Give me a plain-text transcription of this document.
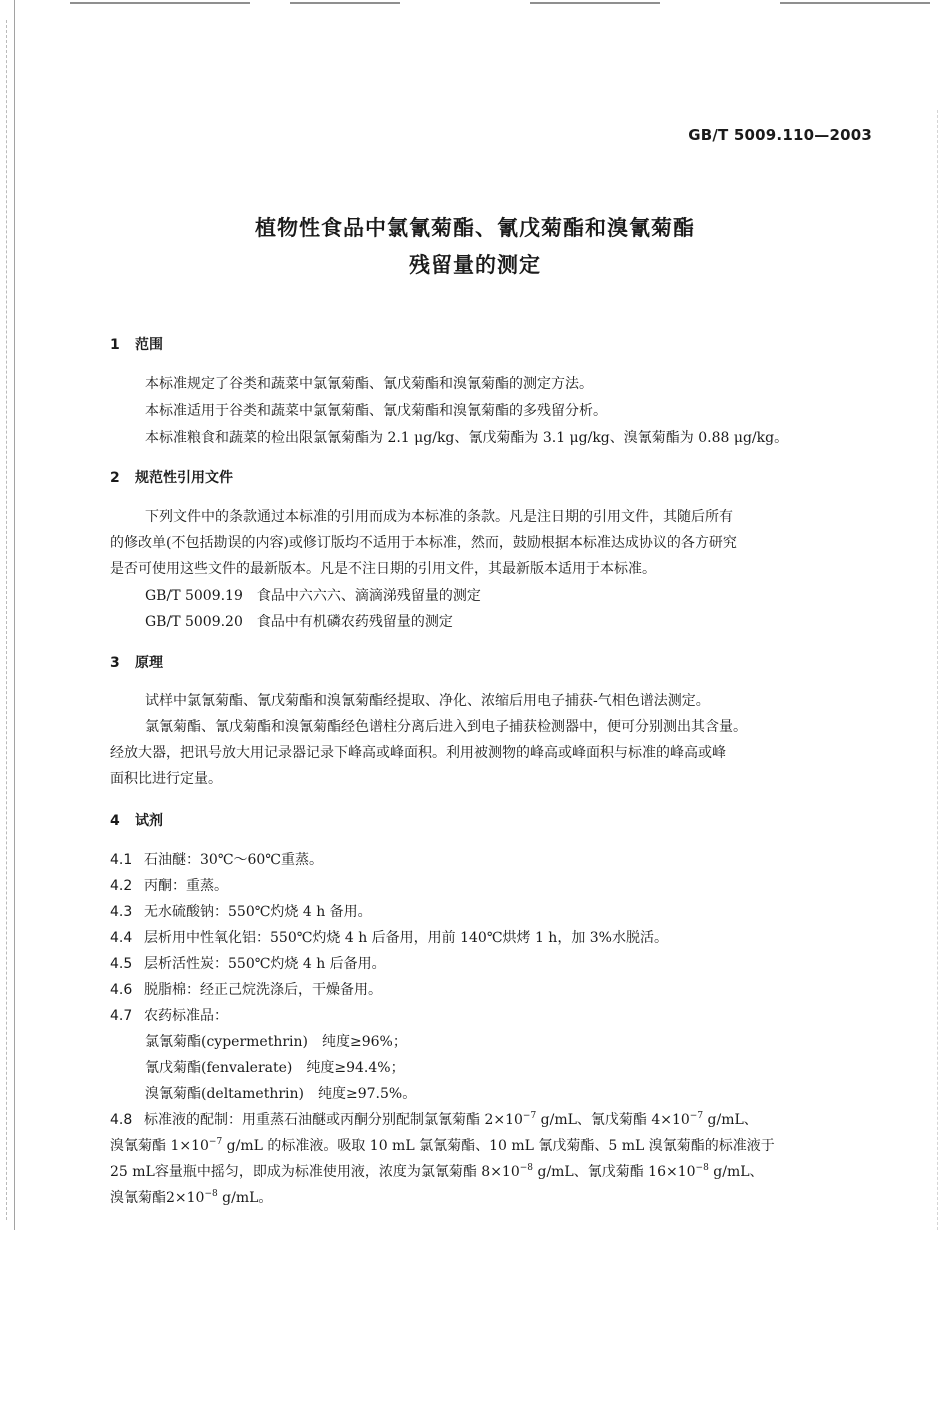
GB/T 5009.110—2003
植物性食品中氯氰菊酯、氰戊菊酯和溴氰菊酯
残留量的测定
1 范围
本标准规定了谷类和蔬菜中氯氰菊酯、氰戊菊酯和溴氰菊酯的测定方法。
本标准适用于谷类和蔬菜中氯氰菊酯、氰戊菊酯和溴氰菊酯的多残留分析。
本标准粮食和蔬菜的检出限氯氰菊酯为 2.1 μg/kg、氰戊菊酯为 3.1 μg/kg、溴氰菊酯为 0.88 μg/kg。
2 规范性引用文件
下列文件中的条款通过本标准的引用而成为本标准的条款。凡是注日期的引用文件，其随后所有
的修改单(不包括勘误的内容)或修订版均不适用于本标准，然而，鼓励根据本标准达成协议的各方研究
是否可使用这些文件的最新版本。凡是不注日期的引用文件，其最新版本适用于本标准。
GB/T 5009.19　食品中六六六、滴滴涕残留量的测定
GB/T 5009.20　食品中有机磷农药残留量的测定
3 原理
试样中氯氰菊酯、氰戊菊酯和溴氰菊酯经提取、净化、浓缩后用电子捕获-气相色谱法测定。
氯氰菊酯、氰戊菊酯和溴氰菊酯经色谱柱分离后进入到电子捕获检测器中，便可分别测出其含量。
经放大器，把讯号放大用记录器记录下峰高或峰面积。利用被测物的峰高或峰面积与标准的峰高或峰
面积比进行定量。
4 试剂
4.1 石油醚：30℃～60℃重蒸。
4.2 丙酮：重蒸。
4.3 无水硫酸钠：550℃灼烧 4 h 备用。
4.4 层析用中性氧化铝：550℃灼烧 4 h 后备用，用前 140℃烘烤 1 h，加 3%水脱活。
4.5 层析活性炭：550℃灼烧 4 h 后备用。
4.6 脱脂棉：经正己烷洗涤后，干燥备用。
4.7 农药标准品：
氯氰菊酯(cypermethrin)　纯度≥96%；
氰戊菊酯(fenvalerate)　纯度≥94.4%；
溴氰菊酯(deltamethrin)　纯度≥97.5%。
4.8 标准液的配制：用重蒸石油醚或丙酮分别配制氯氰菊酯 $2\times 10^{-7}$ g/mL、氰戊菊酯 $4\times 10^{-7}$ g/mL、
溴氰菊酯 $1\times 10^{-7}$ g/mL 的标准液。吸取 10 mL 氯氰菊酯、10 mL 氰戊菊酯、5 mL 溴氰菊酯的标准液于
25 mL容量瓶中摇匀，即成为标准使用液，浓度为氯氰菊酯 $8\times 10^{-8}$ g/mL、氰戊菊酯 $16\times 10^{-8}$ g/mL、
溴氰菊酯$2\times 10^{-8}$ g/mL。
